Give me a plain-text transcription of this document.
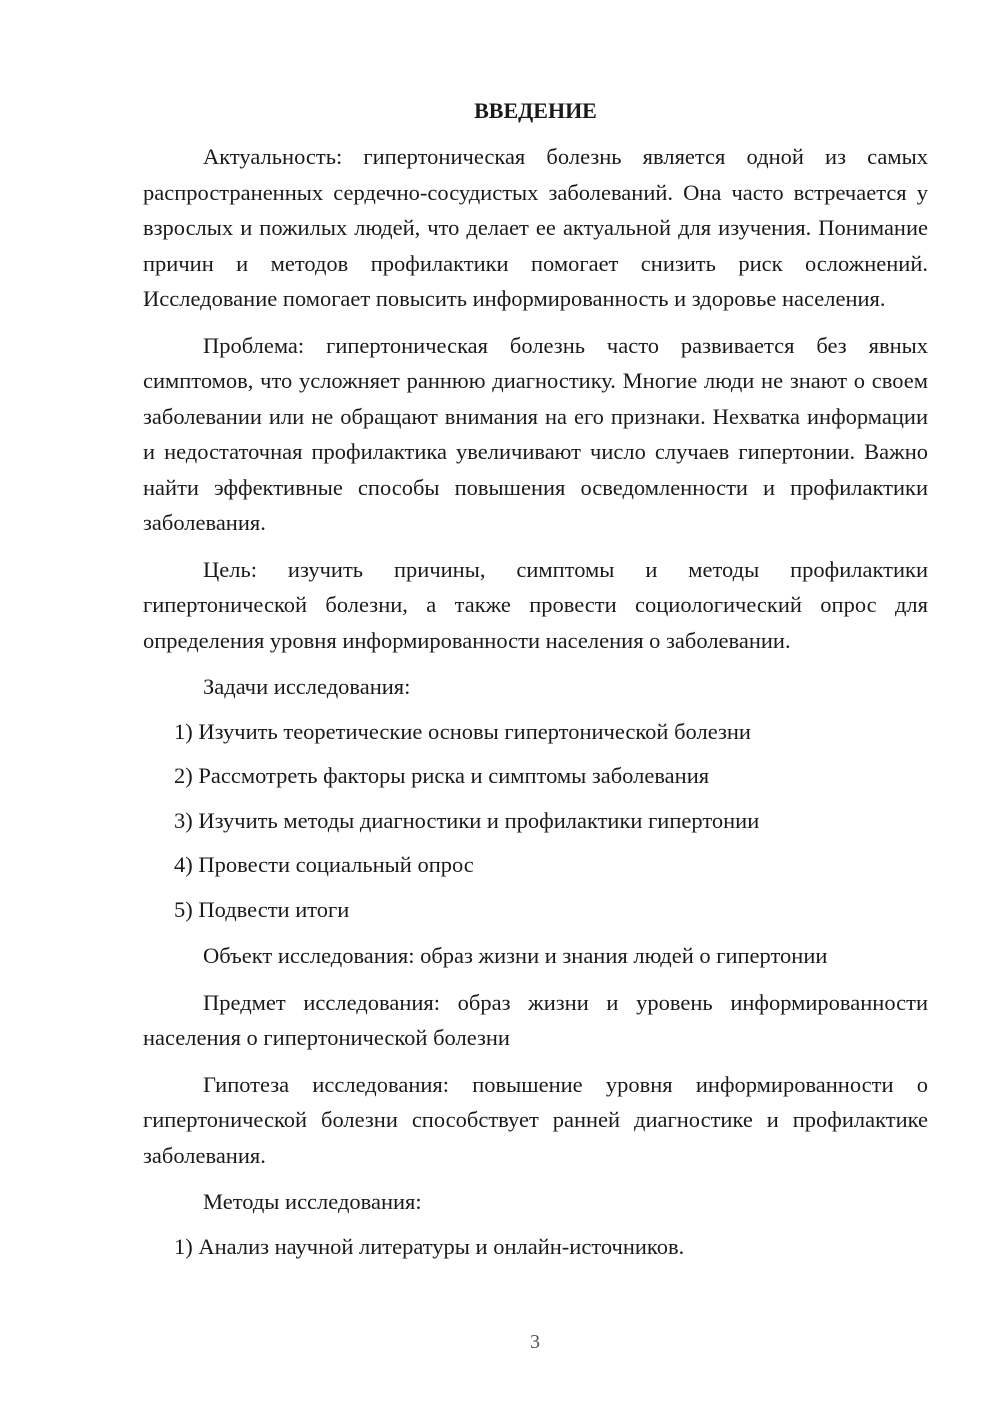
ВВЕДЕНИЕ

Актуальность: гипертоническая болезнь является одной из самых распространенных сердечно-сосудистых заболеваний. Она часто встречается у взрослых и пожилых людей, что делает ее актуальной для изучения. Понимание причин и методов профилактики помогает снизить риск осложнений. Исследование помогает повысить информированность и здоровье населения.

Проблема: гипертоническая болезнь часто развивается без явных симптомов, что усложняет раннюю диагностику. Многие люди не знают о своем заболевании или не обращают внимания на его признаки. Нехватка информации и недостаточная профилактика увеличивают число случаев гипертонии. Важно найти эффективные способы повышения осведомленности и профилактики заболевания.

Цель: изучить причины, симптомы и методы профилактики гипертонической болезни, а также провести социологический опрос для определения уровня информированности населения о заболевании.

Задачи исследования:

1) Изучить теоретические основы гипертонической болезни
2) Рассмотреть факторы риска и симптомы заболевания
3) Изучить методы диагностики и профилактики гипертонии
4) Провести социальный опрос
5) Подвести итоги

Объект исследования: образ жизни и знания людей о гипертонии

Предмет исследования: образ жизни и уровень информированности населения о гипертонической болезни

Гипотеза исследования: повышение уровня информированности о гипертонической болезни способствует ранней диагностике и профилактике заболевания.

Методы исследования:

1) Анализ научной литературы и онлайн-источников.
3
